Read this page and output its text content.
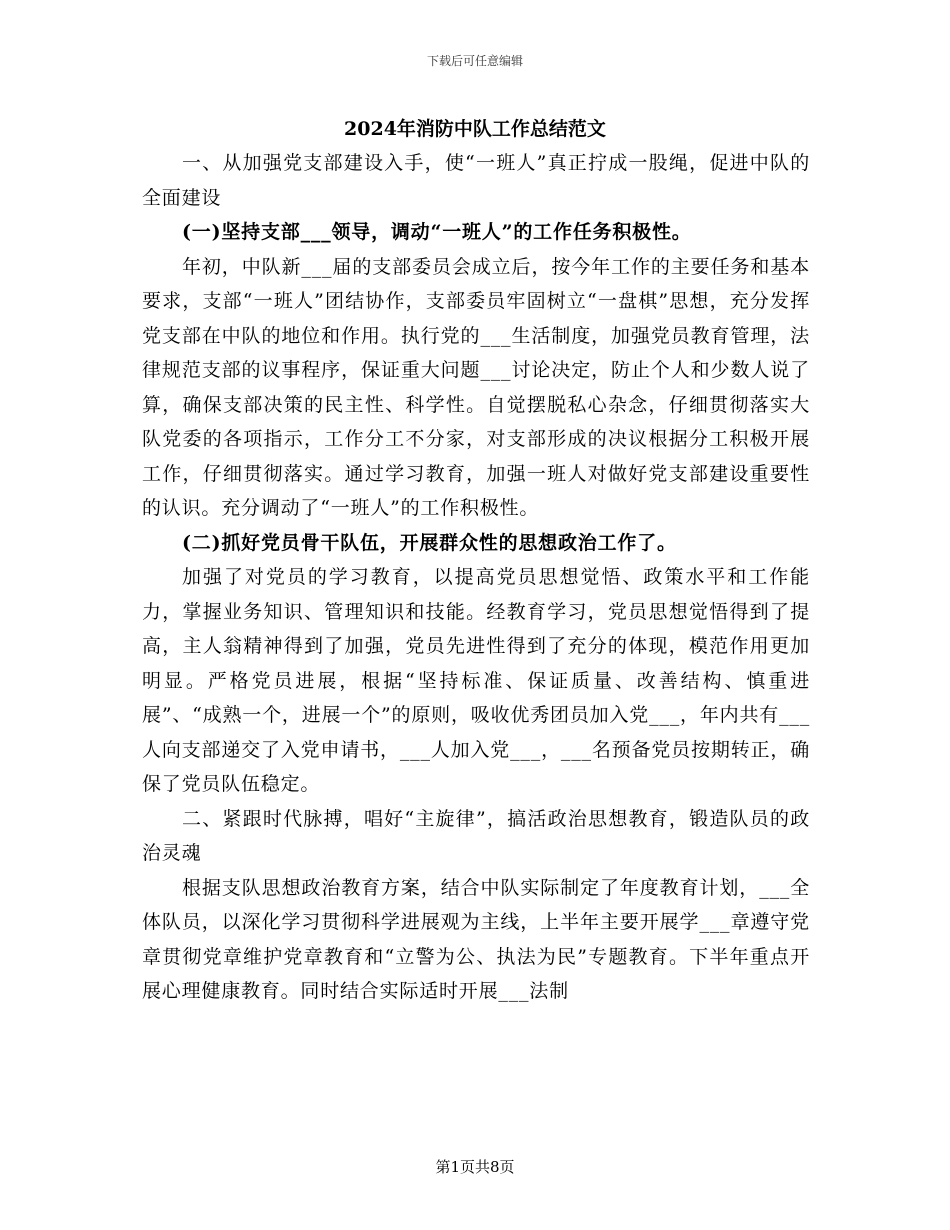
下载后可任意编辑
2024年消防中队工作总结范文

一、从加强党支部建设入手，使“一班人”真正拧成一股绳，促进中队的全面建设

(一)坚持支部___领导，调动“一班人”的工作任务积极性。

年初，中队新___届的支部委员会成立后，按今年工作的主要任务和基本要求，支部“一班人”团结协作，支部委员牢固树立“一盘棋”思想，充分发挥党支部在中队的地位和作用。执行党的___生活制度，加强党员教育管理，法律规范支部的议事程序，保证重大问题___讨论决定，防止个人和少数人说了算，确保支部决策的民主性、科学性。自觉摆脱私心杂念，仔细贯彻落实大队党委的各项指示，工作分工不分家，对支部形成的决议根据分工积极开展工作，仔细贯彻落实。通过学习教育，加强一班人对做好党支部建设重要性的认识。充分调动了“一班人”的工作积极性。

(二)抓好党员骨干队伍，开展群众性的思想政治工作了。

加强了对党员的学习教育，以提高党员思想觉悟、政策水平和工作能力，掌握业务知识、管理知识和技能。经教育学习，党员思想觉悟得到了提高，主人翁精神得到了加强，党员先进性得到了充分的体现，模范作用更加明显。严格党员进展，根据“坚持标准、保证质量、改善结构、慎重进展”、“成熟一个，进展一个”的原则，吸收优秀团员加入党___，年内共有___人向支部递交了入党申请书，___人加入党___，___名预备党员按期转正，确保了党员队伍稳定。

二、紧跟时代脉搏，唱好“主旋律”，搞活政治思想教育，锻造队员的政治灵魂

根据支队思想政治教育方案，结合中队实际制定了年度教育计划，___全体队员，以深化学习贯彻科学进展观为主线，上半年主要开展学___章遵守党章贯彻党章维护党章教育和“立警为公、执法为民”专题教育。下半年重点开展心理健康教育。同时结合实际适时开展___法制

第1页共8页
